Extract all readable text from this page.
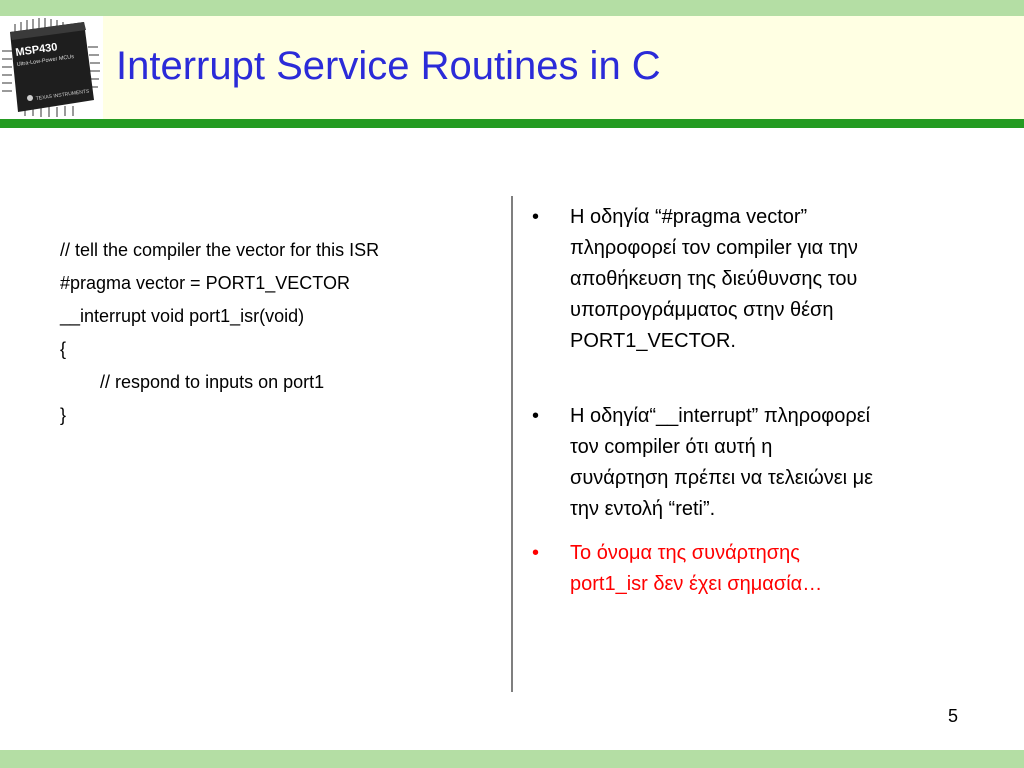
MSP430
Ultra-Low-Power MCUs
TEXAS INSTRUMENTS
Interrupt Service Routines in C
// tell the compiler the vector for this ISR
#pragma vector = PORT1_VECTOR
__interrupt void port1_isr(void)
{
// respond to inputs on port1
}
•	Η οδηγία “#pragma vector”
πληροφορεί τον compiler για την
αποθήκευση της διεύθυνσης του
υποπρογράμματος στην θέση
PORT1_VECTOR.
•	Η οδηγία“__interrupt” πληροφορεί
τον compiler ότι αυτή η
συνάρτηση πρέπει να τελειώνει με
την εντολή “reti”.
•	Το όνομα της συνάρτησης
port1_isr δεν έχει σημασία…
5
